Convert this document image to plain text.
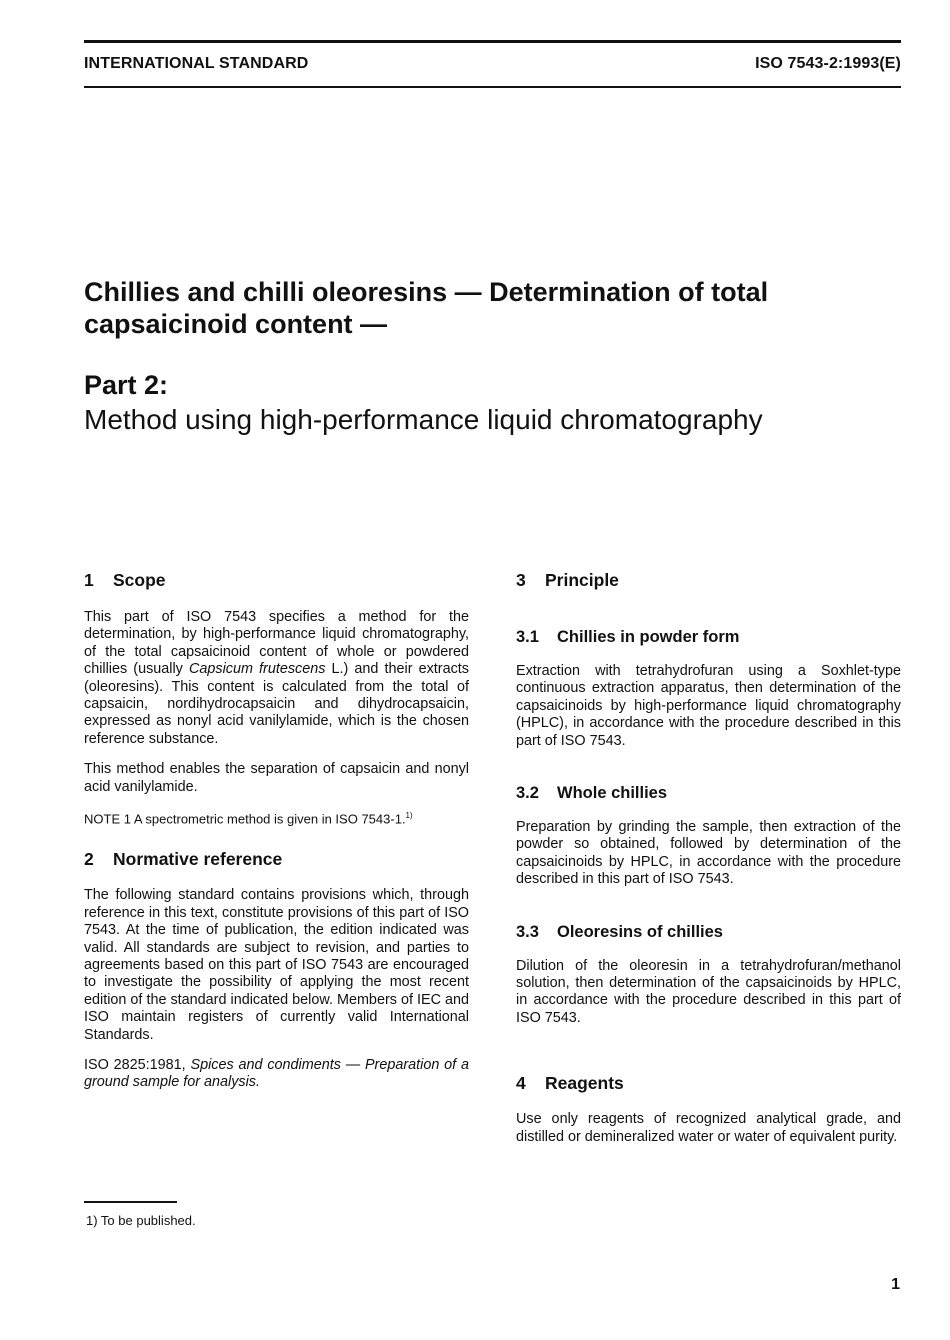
INTERNATIONAL STANDARD	ISO 7543-2:1993(E)
Chillies and chilli oleoresins — Determination of total
capsaicinoid content —
Part 2:
Method using high-performance liquid chromatography
1 Scope

This part of ISO 7543 specifies a method for the determination, by high-performance liquid chromatography, of the total capsaicinoid content of whole or powdered chillies (usually Capsicum frutescens L.) and their extracts (oleoresins). This content is calculated from the total of capsaicin, nordihydrocapsaicin and dihydrocapsaicin, expressed as nonyl acid vanilylamide, which is the chosen reference substance.

This method enables the separation of capsaicin and nonyl acid vanilylamide.

NOTE 1 A spectrometric method is given in ISO 7543-1.$^{1)}$

2 Normative reference

The following standard contains provisions which, through reference in this text, constitute provisions of this part of ISO 7543. At the time of publication, the edition indicated was valid. All standards are subject to revision, and parties to agreements based on this part of ISO 7543 are encouraged to investigate the possibility of applying the most recent edition of the standard indicated below. Members of IEC and ISO maintain registers of currently valid International Standards.

ISO 2825:1981, Spices and condiments — Preparation of a ground sample for analysis.

3 Principle
3.1 Chillies in powder form

Extraction with tetrahydrofuran using a Soxhlet-type continuous extraction apparatus, then determination of the capsaicinoids by high-performance liquid chromatography (HPLC), in accordance with the procedure described in this part of ISO 7543.

3.2 Whole chillies

Preparation by grinding the sample, then extraction of the powder so obtained, followed by determination of the capsaicinoids by HPLC, in accordance with the procedure described in this part of ISO 7543.

3.3 Oleoresins of chillies

Dilution of the oleoresin in a tetrahydrofuran/methanol solution, then determination of the capsaicinoids by HPLC, in accordance with the procedure described in this part of ISO 7543.

4 Reagents

Use only reagents of recognized analytical grade, and distilled or demineralized water or water of equivalent purity.

1) To be published.
1
